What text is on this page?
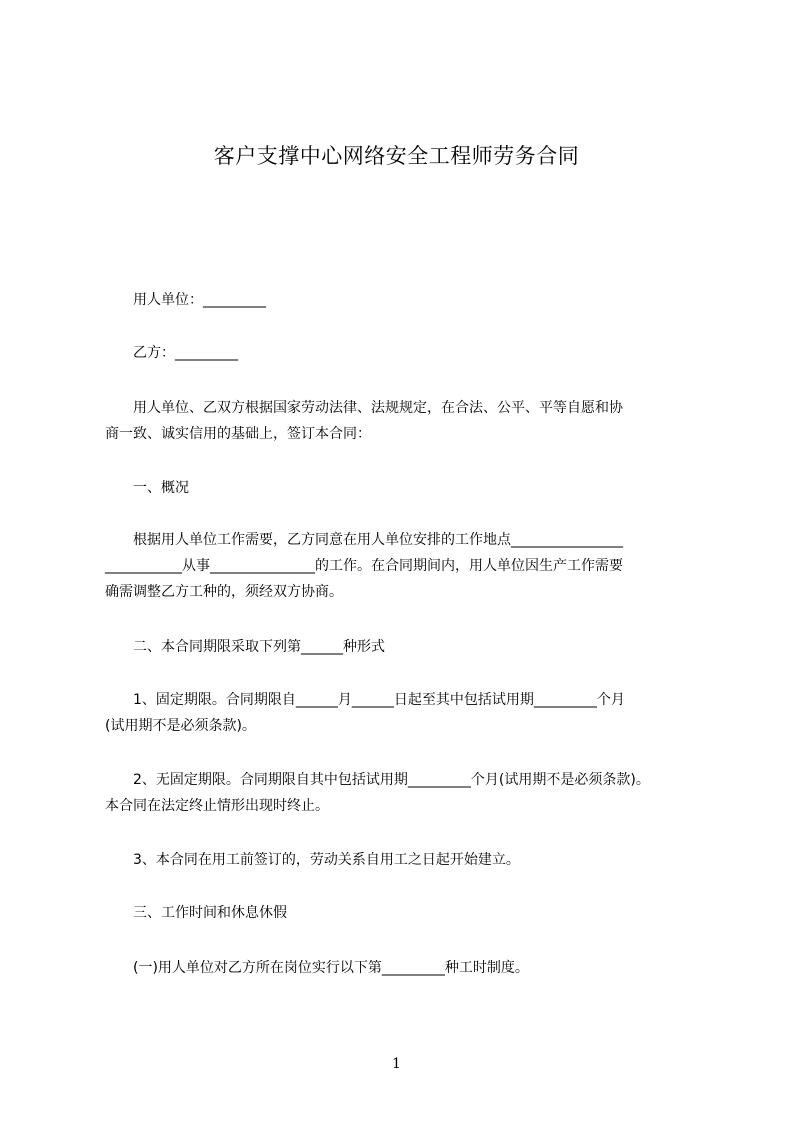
客户支撑中心网络安全工程师劳务合同
　　用人单位：_________
　　乙方：_________
　　用人单位、乙双方根据国家劳动法律、法规规定，在合法、公平、平等自愿和协
商一致、诚实信用的基础上，签订本合同：
　　一、概况
　　根据用人单位工作需要，乙方同意在用人单位安排的工作地点________________
___________从事_______________的工作。在合同期间内，用人单位因生产工作需要
确需调整乙方工种的，须经双方协商。
　　二、本合同期限采取下列第______种形式
　　1、固定期限。合同期限自______月______日起至其中包括试用期_________个月
(试用期不是必须条款)。
　　2、无固定期限。合同期限自其中包括试用期_________个月(试用期不是必须条款)。
本合同在法定终止情形出现时终止。
　　3、本合同在用工前签订的，劳动关系自用工之日起开始建立。
　　三、工作时间和休息休假
　　(一)用人单位对乙方所在岗位实行以下第_________种工时制度。
1
